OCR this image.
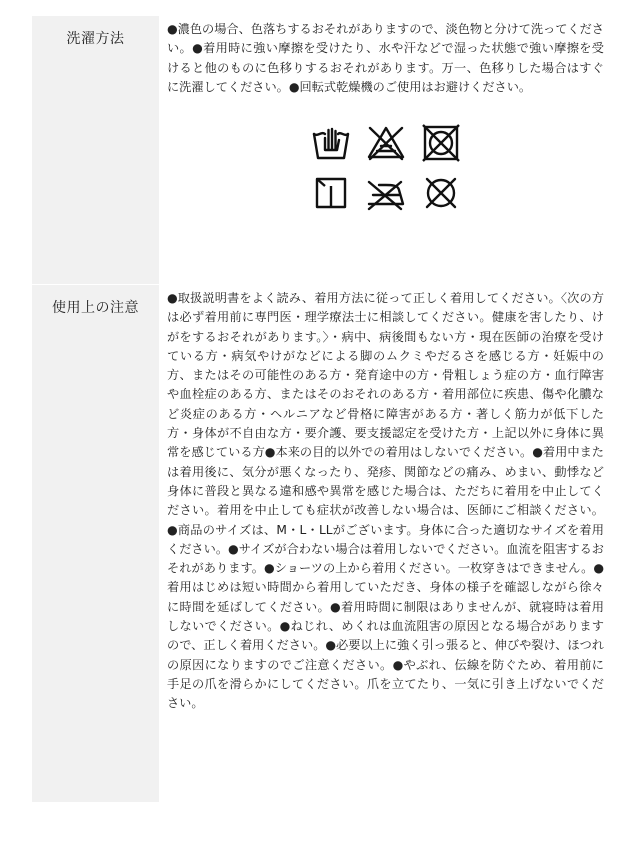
洗濯方法
●濃色の場合、色落ちするおそれがありますので、淡色物と分けて洗ってください。●着用時に強い摩擦を受けたり、水や汗などで湿った状態で強い摩擦を受けると他のものに色移りするおそれがあります。万一、色移りした場合はすぐに洗濯してください。●回転式乾燥機のご使用はお避けください。
使用上の注意
●取扱説明書をよく読み、着用方法に従って正しく着用してください。〈次の方は必ず着用前に専門医・理学療法士に相談してください。健康を害したり、けがをするおそれがあります。〉・病中、病後間もない方・現在医師の治療を受けている方・病気やけがなどによる脚のムクミやだるさを感じる方・妊娠中の方、またはその可能性のある方・発育途中の方・骨粗しょう症の方・血行障害や血栓症のある方、またはそのおそれのある方・着用部位に疾患、傷や化膿など炎症のある方・ヘルニアなど骨格に障害がある方・著しく筋力が低下した方・身体が不自由な方・要介護、要支援認定を受けた方・上記以外に身体に異常を感じている方●本来の目的以外での着用はしないでください。●着用中または着用後に、気分が悪くなったり、発疹、関節などの痛み、めまい、動悸など身体に普段と異なる違和感や異常を感じた場合は、ただちに着用を中止してください。着用を中止しても症状が改善しない場合は、医師にご相談ください。●商品のサイズは、M・L・LLがございます。身体に合った適切なサイズを着用ください。●サイズが合わない場合は着用しないでください。血流を阻害するおそれがあります。●ショーツの上から着用ください。一枚穿きはできません。●着用はじめは短い時間から着用していただき、身体の様子を確認しながら徐々に時間を延ばしてください。●着用時間に制限はありませんが、就寝時は着用しないでください。●ねじれ、めくれは血流阻害の原因となる場合がありますので、正しく着用ください。●必要以上に強く引っ張ると、伸びや裂け、ほつれの原因になりますのでご注意ください。●やぶれ、伝線を防ぐため、着用前に手足の爪を滑らかにしてください。爪を立てたり、一気に引き上げないでください。
